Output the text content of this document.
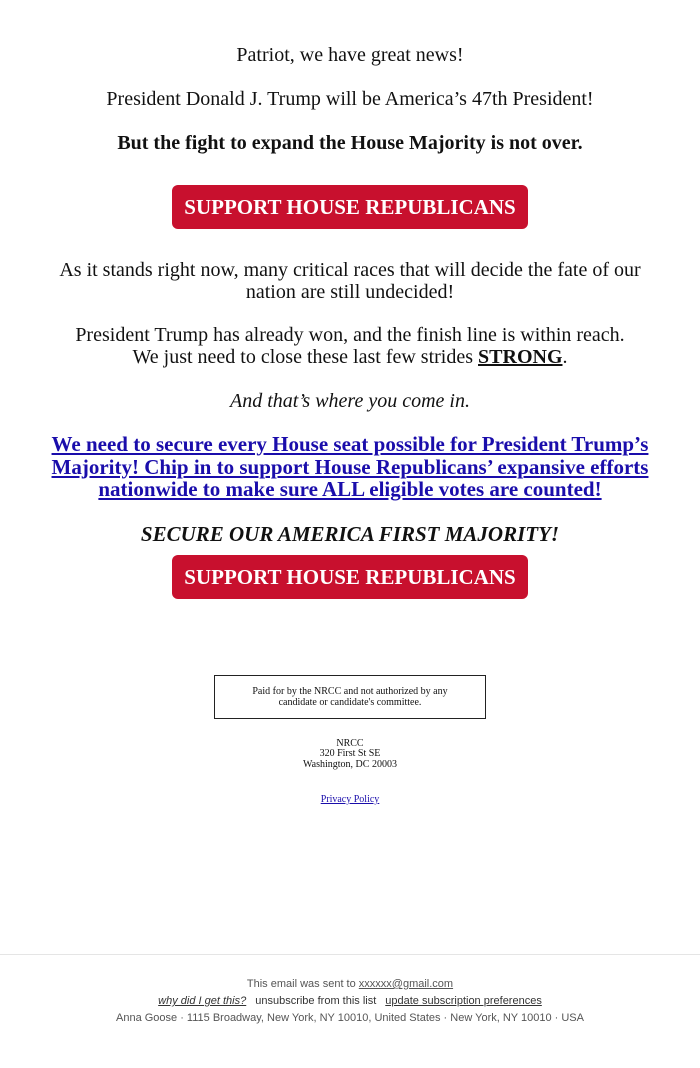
Patriot, we have great news!

President Donald J. Trump will be America’s 47th President!

But the fight to expand the House Majority is not over.

SUPPORT HOUSE REPUBLICANS

As it stands right now, many critical races that will decide the fate of our nation are still undecided!

President Trump has already won, and the finish line is within reach. We just need to close these last few strides STRONG.

And that’s where you come in.

We need to secure every House seat possible for President Trump’s Majority! Chip in to support House Republicans’ expansive efforts nationwide to make sure ALL eligible votes are counted!

SECURE OUR AMERICA FIRST MAJORITY!

SUPPORT HOUSE REPUBLICANS
Paid for by the NRCC and not authorized by any candidate or candidate's committee.
NRCC
320 First St SE
Washington, DC 20003
Privacy Policy
This email was sent to xxxxxx@gmail.com
why did I get this? unsubscribe from this list update subscription preferences
Anna Goose · 1115 Broadway, New York, NY 10010, United States · New York, NY 10010 · USA
